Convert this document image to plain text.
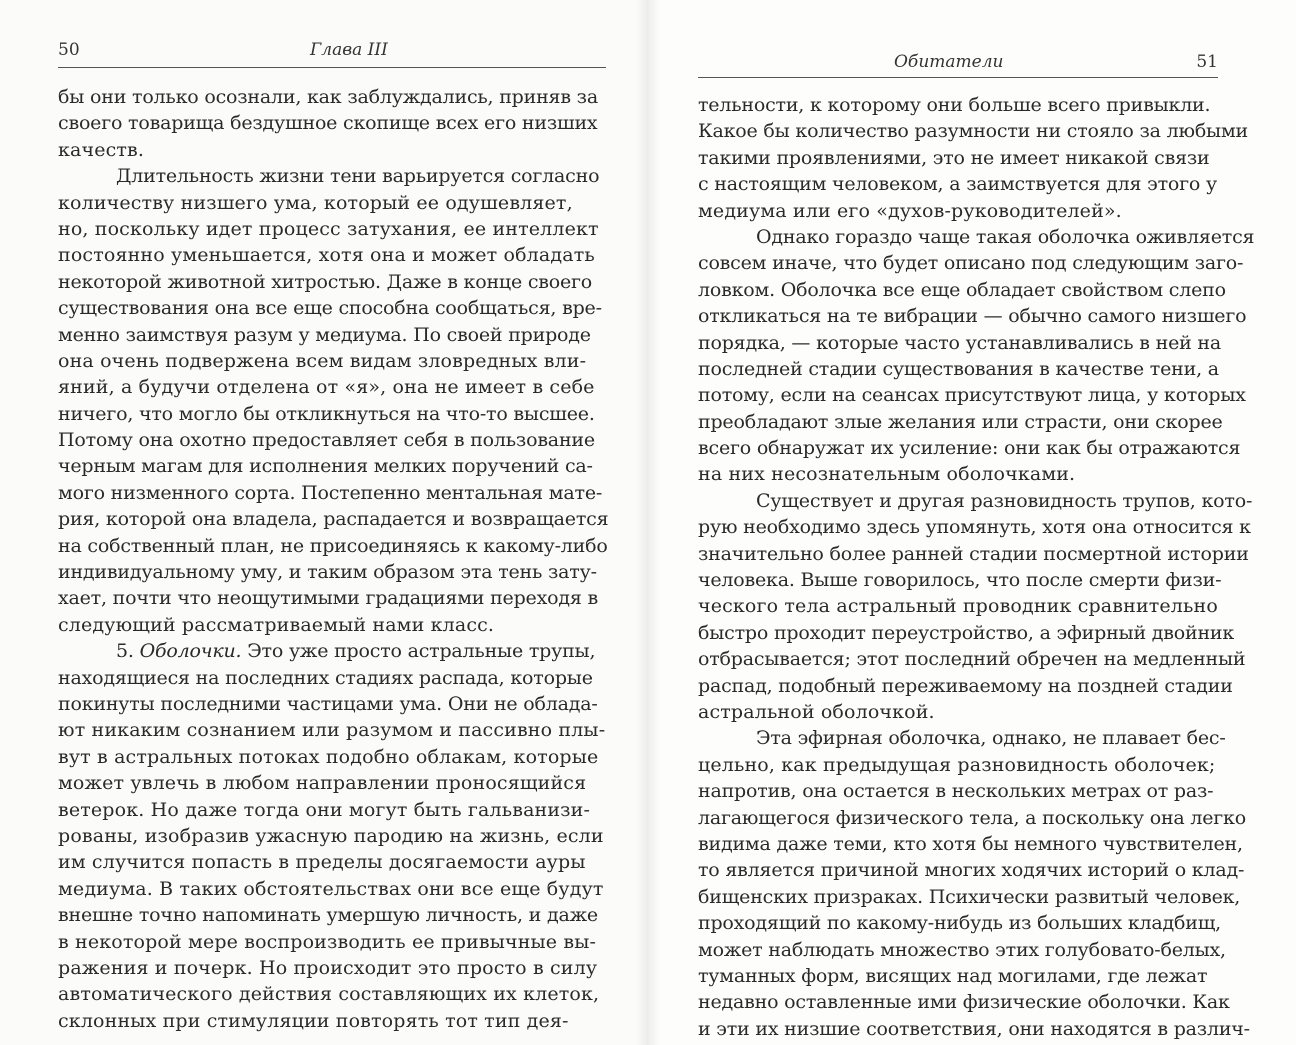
50	Глава III
бы они только осознали, как заблуждались, приняв за
своего товарища бездушное скопище всех его низших
качеств.
Длительность жизни тени варьируется согласно
количеству низшего ума, который ее одушевляет,
но, поскольку идет процесс затухания, ее интеллект
постоянно уменьшается, хотя она и может обладать
некоторой животной хитростью. Даже в конце своего
существования она все еще способна сообщаться, вре-
менно заимствуя разум у медиума. По своей природе
она очень подвержена всем видам зловредных вли-
яний, а будучи отделена от «я», она не имеет в себе
ничего, что могло бы откликнуться на что-то высшее.
Потому она охотно предоставляет себя в пользование
черным магам для исполнения мелких поручений са-
мого низменного сорта. Постепенно ментальная мате-
рия, которой она владела, распадается и возвращается
на собственный план, не присоединяясь к какому-либо
индивидуальному уму, и таким образом эта тень зату-
хает, почти что неощутимыми градациями переходя в
следующий рассматриваемый нами класс.
5. Оболочки. Это уже просто астральные трупы,
находящиеся на последних стадиях распада, которые
покинуты последними частицами ума. Они не облада-
ют никаким сознанием или разумом и пассивно плы-
вут в астральных потоках подобно облакам, которые
может увлечь в любом направлении проносящийся
ветерок. Но даже тогда они могут быть гальванизи-
рованы, изобразив ужасную пародию на жизнь, если
им случится попасть в пределы досягаемости ауры
медиума. В таких обстоятельствах они все еще будут
внешне точно напоминать умершую личность, и даже
в некоторой мере воспроизводить ее привычные вы-
ражения и почерк. Но происходит это просто в силу
автоматического действия составляющих их клеток,
склонных при стимуляции повторять тот тип дея-
Обитатели	51
тельности, к которому они больше всего привыкли.
Какое бы количество разумности ни стояло за любыми
такими проявлениями, это не имеет никакой связи
с настоящим человеком, а заимствуется для этого у
медиума или его «духов-руководителей».
Однако гораздо чаще такая оболочка оживляется
совсем иначе, что будет описано под следующим заго-
ловком. Оболочка все еще обладает свойством слепо
откликаться на те вибрации — обычно самого низшего
порядка, — которые часто устанавливались в ней на
последней стадии существования в качестве тени, а
потому, если на сеансах присутствуют лица, у которых
преобладают злые желания или страсти, они скорее
всего обнаружат их усиление: они как бы отражаются
на них несознательным оболочками.
Существует и другая разновидность трупов, кото-
рую необходимо здесь упомянуть, хотя она относится к
значительно более ранней стадии посмертной истории
человека. Выше говорилось, что после смерти физи-
ческого тела астральный проводник сравнительно
быстро проходит переустройство, а эфирный двойник
отбрасывается; этот последний обречен на медленный
распад, подобный переживаемому на поздней стадии
астральной оболочкой.
Эта эфирная оболочка, однако, не плавает бес-
цельно, как предыдущая разновидность оболочек;
напротив, она остается в нескольких метрах от раз-
лагающегося физического тела, а поскольку она легко
видима даже теми, кто хотя бы немного чувствителен,
то является причиной многих ходячих историй о клад-
бищенских призраках. Психически развитый человек,
проходящий по какому-нибудь из больших кладбищ,
может наблюдать множество этих голубовато-белых,
туманных форм, висящих над могилами, где лежат
недавно оставленные ими физические оболочки. Как
и эти их низшие соответствия, они находятся в различ-
